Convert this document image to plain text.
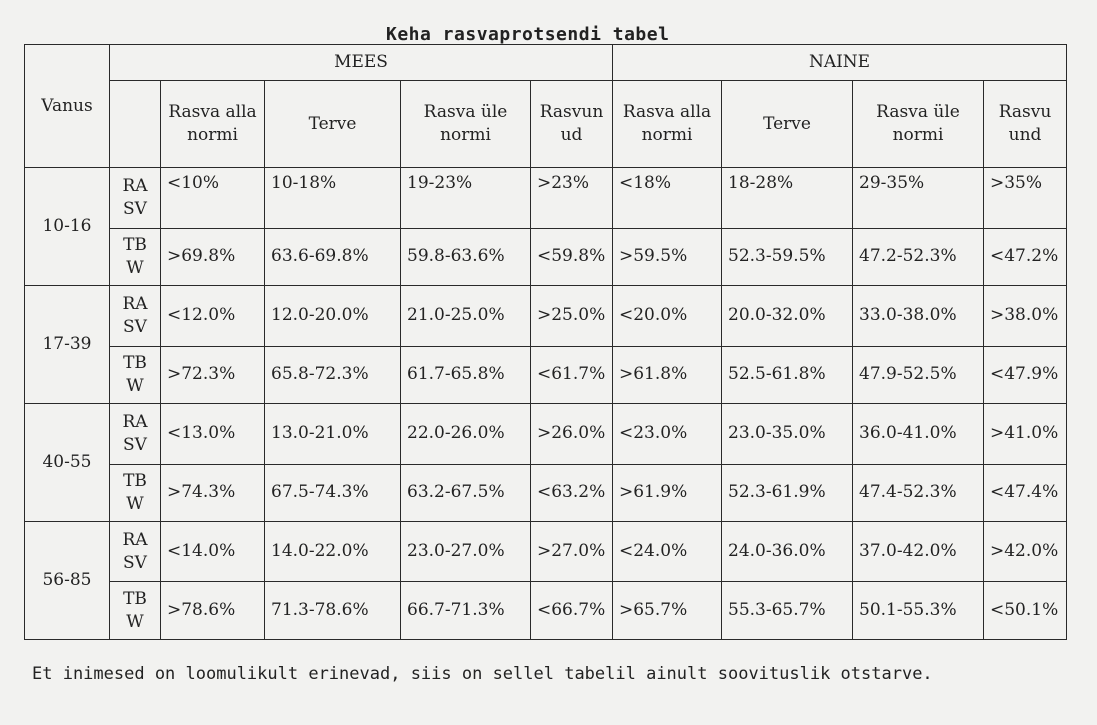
Keha rasvaprotsendi tabel
Vanus	MEES					NAINE			
		Rasva alla normi	Terve	Rasva üle normi	Rasvun ud	Rasva alla normi	Terve	Rasva üle normi	Rasvu und
10-16	RA SV	<10%	10-18%	19-23%	>23%	<18%	18-28%	29-35%	>35%
	TB W	>69.8%	63.6-69.8%	59.8-63.6%	<59.8%	>59.5%	52.3-59.5%	47.2-52.3%	<47.2%
17-39	RA SV	<12.0%	12.0-20.0%	21.0-25.0%	>25.0%	<20.0%	20.0-32.0%	33.0-38.0%	>38.0%
	TB W	>72.3%	65.8-72.3%	61.7-65.8%	<61.7%	>61.8%	52.5-61.8%	47.9-52.5%	<47.9%
40-55	RA SV	<13.0%	13.0-21.0%	22.0-26.0%	>26.0%	<23.0%	23.0-35.0%	36.0-41.0%	>41.0%
	TB W	>74.3%	67.5-74.3%	63.2-67.5%	<63.2%	>61.9%	52.3-61.9%	47.4-52.3%	<47.4%
56-85	RA SV	<14.0%	14.0-22.0%	23.0-27.0%	>27.0%	<24.0%	24.0-36.0%	37.0-42.0%	>42.0%
	TB W	>78.6%	71.3-78.6%	66.7-71.3%	<66.7%	>65.7%	55.3-65.7%	50.1-55.3%	<50.1%
Et inimesed on loomulikult erinevad, siis on sellel tabelil ainult soovituslik otstarve.
